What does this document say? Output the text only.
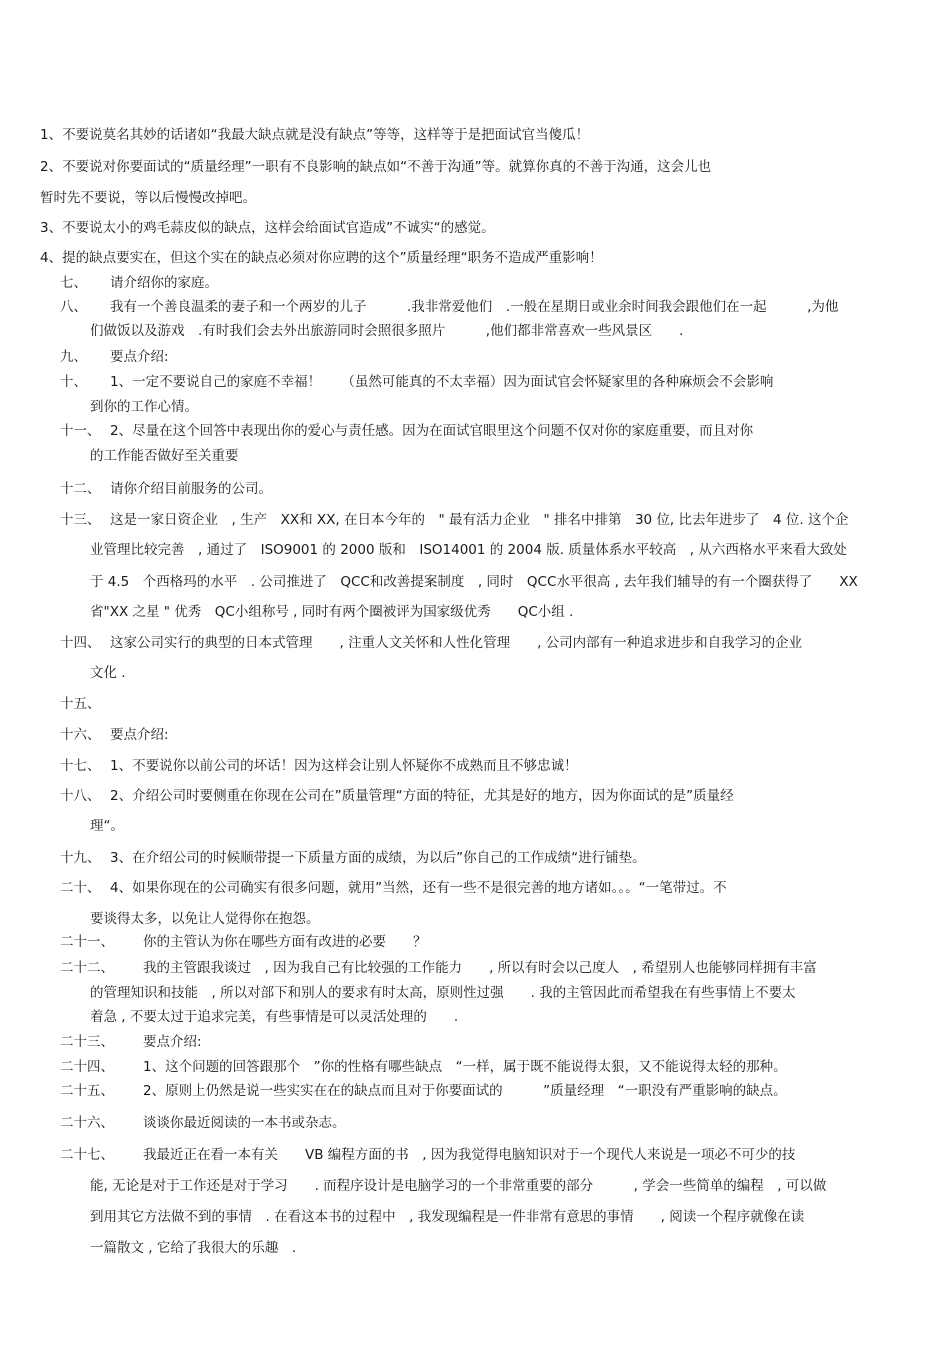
1、不要说莫名其妙的话诸如“我最大缺点就是没有缺点”等等，这样等于是把面试官当傻瓜！
2、不要说对你要面试的“质量经理”一职有不良影响的缺点如“不善于沟通”等。就算你真的不善于沟通，这会儿也
暂时先不要说，等以后慢慢改掉吧。
3、不要说太小的鸡毛蒜皮似的缺点，这样会给面试官造成”不诚实“的感觉。
4、提的缺点要实在，但这个实在的缺点必须对你应聘的这个”质量经理“职务不造成严重影响！
七、 请介绍你的家庭。
八、 我有一个善良温柔的妻子和一个两岁的儿子　　　.我非常爱他们　.一般在星期日或业余时间我会跟他们在一起　　　,为他
们做饭以及游戏　.有时我们会去外出旅游同时会照很多照片　　　,他们都非常喜欢一些风景区　　.
九、 要点介绍:
十、 1、一定不要说自己的家庭不幸福！　　（虽然可能真的不太幸福）因为面试官会怀疑家里的各种麻烦会不会影响
到你的工作心情。
十一、 2、尽量在这个回答中表现出你的爱心与责任感。因为在面试官眼里这个问题不仅对你的家庭重要，而且对你
的工作能否做好至关重要
十二、 请你介绍目前服务的公司。
十三、 这是一家日资企业　, 生产　XX和 XX, 在日本今年的　" 最有活力企业　" 排名中排第　30 位, 比去年进步了　4 位. 这个企
业管理比较完善　, 通过了　ISO9001 的 2000 版和　ISO14001 的 2004 版. 质量体系水平较高　, 从六西格水平来看大致处
于 4.5　个西格玛的水平　. 公司推进了　QCC和改善提案制度　, 同时　QCC水平很高 , 去年我们辅导的有一个圈获得了　　XX
省"XX 之星 " 优秀　QC小组称号 , 同时有两个圈被评为国家级优秀　　QC小组 .
十四、 这家公司实行的典型的日本式管理　　, 注重人文关怀和人性化管理　　, 公司内部有一种追求进步和自我学习的企业
文化 .
十五、
十六、 要点介绍:
十七、 1、不要说你以前公司的坏话！因为这样会让别人怀疑你不成熟而且不够忠诚！
十八、 2、介绍公司时要侧重在你现在公司在”质量管理“方面的特征，尤其是好的地方，因为你面试的是”质量经
理“。
十九、 3、在介绍公司的时候顺带提一下质量方面的成绩，为以后”你自己的工作成绩“进行铺垫。
二十、 4、如果你现在的公司确实有很多问题，就用”当然，还有一些不是很完善的地方诸如。。。“一笔带过。不
要谈得太多，以免让人觉得你在抱怨。
二十一、 你的主管认为你在哪些方面有改进的必要　　？
二十二、 我的主管跟我谈过　, 因为我自己有比较强的工作能力　　, 所以有时会以己度人　, 希望别人也能够同样拥有丰富
的管理知识和技能　, 所以对部下和别人的要求有时太高，原则性过强　　. 我的主管因此而希望我在有些事情上不要太
着急 , 不要太过于追求完美，有些事情是可以灵活处理的　　.
二十三、 要点介绍:
二十四、 1、这个问题的回答跟那个　”你的性格有哪些缺点　“一样，属于既不能说得太狠，又不能说得太轻的那种。
二十五、 2、原则上仍然是说一些实实在在的缺点而且对于你要面试的　　　”质量经理　“一职没有严重影响的缺点。
二十六、 谈谈你最近阅读的一本书或杂志。
二十七、 我最近正在看一本有关　　VB 编程方面的书　, 因为我觉得电脑知识对于一个现代人来说是一项必不可少的技
能, 无论是对于工作还是对于学习　　. 而程序设计是电脑学习的一个非常重要的部分　　　, 学会一些简单的编程　, 可以做
到用其它方法做不到的事情　. 在看这本书的过程中　, 我发现编程是一件非常有意思的事情　　, 阅读一个程序就像在读
一篇散文 , 它给了我很大的乐趣　.
